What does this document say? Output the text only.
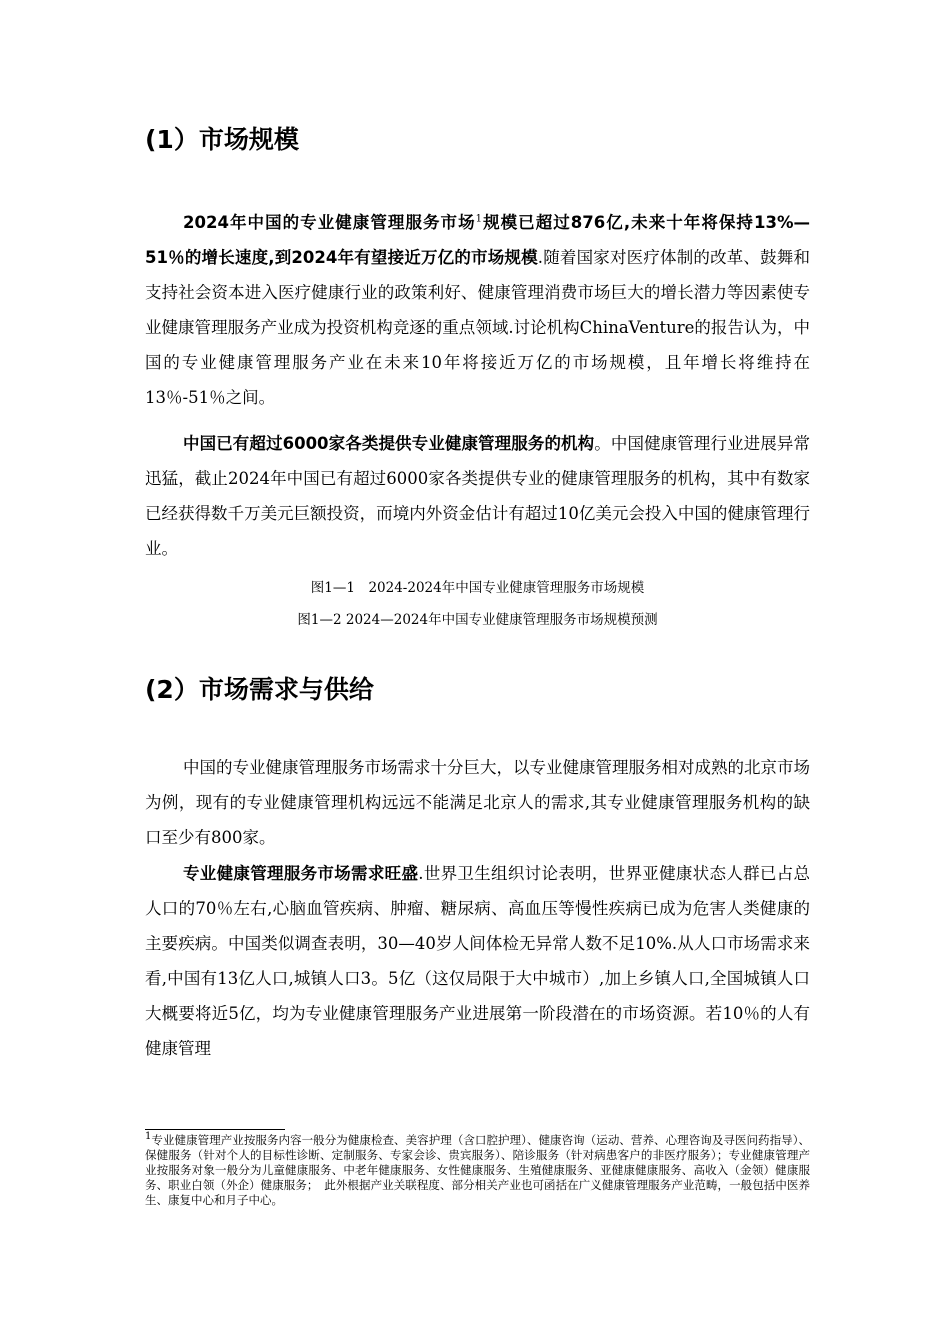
(1）市场规模

2024年中国的专业健康管理服务市场$^1$规模已超过876亿,未来十年将保持13%—51％的增长速度,到2024年有望接近万亿的市场规模.随着国家对医疗体制的改革、鼓舞和支持社会资本进入医疗健康行业的政策利好、健康管理消费市场巨大的增长潜力等因素使专业健康管理服务产业成为投资机构竞逐的重点领域.讨论机构ChinaVenture的报告认为，中国的专业健康管理服务产业在未来10年将接近万亿的市场规模，且年增长将维持在13％-51％之间。

中国已有超过6000家各类提供专业健康管理服务的机构。中国健康管理行业进展异常迅猛，截止2024年中国已有超过6000家各类提供专业的健康管理服务的机构，其中有数家已经获得数千万美元巨额投资，而境内外资金估计有超过10亿美元会投入中国的健康管理行业。

图1—1　2024-2024年中国专业健康管理服务市场规模

图1—2 2024—2024年中国专业健康管理服务市场规模预测

(2）市场需求与供给

中国的专业健康管理服务市场需求十分巨大，以专业健康管理服务相对成熟的北京市场为例，现有的专业健康管理机构远远不能满足北京人的需求,其专业健康管理服务机构的缺口至少有800家。

专业健康管理服务市场需求旺盛.世界卫生组织讨论表明，世界亚健康状态人群已占总人口的70％左右,心脑血管疾病、肿瘤、糖尿病、高血压等慢性疾病已成为危害人类健康的主要疾病。中国类似调查表明，30—40岁人间体检无异常人数不足10%.从人口市场需求来看,中国有13亿人口,城镇人口3。5亿（这仅局限于大中城市）,加上乡镇人口,全国城镇人口大概要将近5亿，均为专业健康管理服务产业进展第一阶段潜在的市场资源。若10％的人有健康管理

$^1$专业健康管理产业按服务内容一般分为健康检查、美容护理（含口腔护理）、健康咨询（运动、营养、心理咨询及寻医问药指导）、保健服务（针对个人的目标性诊断、定制服务、专家会诊、贵宾服务）、陪诊服务（针对病患客户的非医疗服务）；专业健康管理产业按服务对象一般分为儿童健康服务、中老年健康服务、女性健康服务、生殖健康服务、亚健康健康服务、高收入（金领）健康服务、职业白领（外企）健康服务；　此外根据产业关联程度、部分相关产业也可函括在广义健康管理服务产业范畴，一般包括中医养生、康复中心和月子中心。
